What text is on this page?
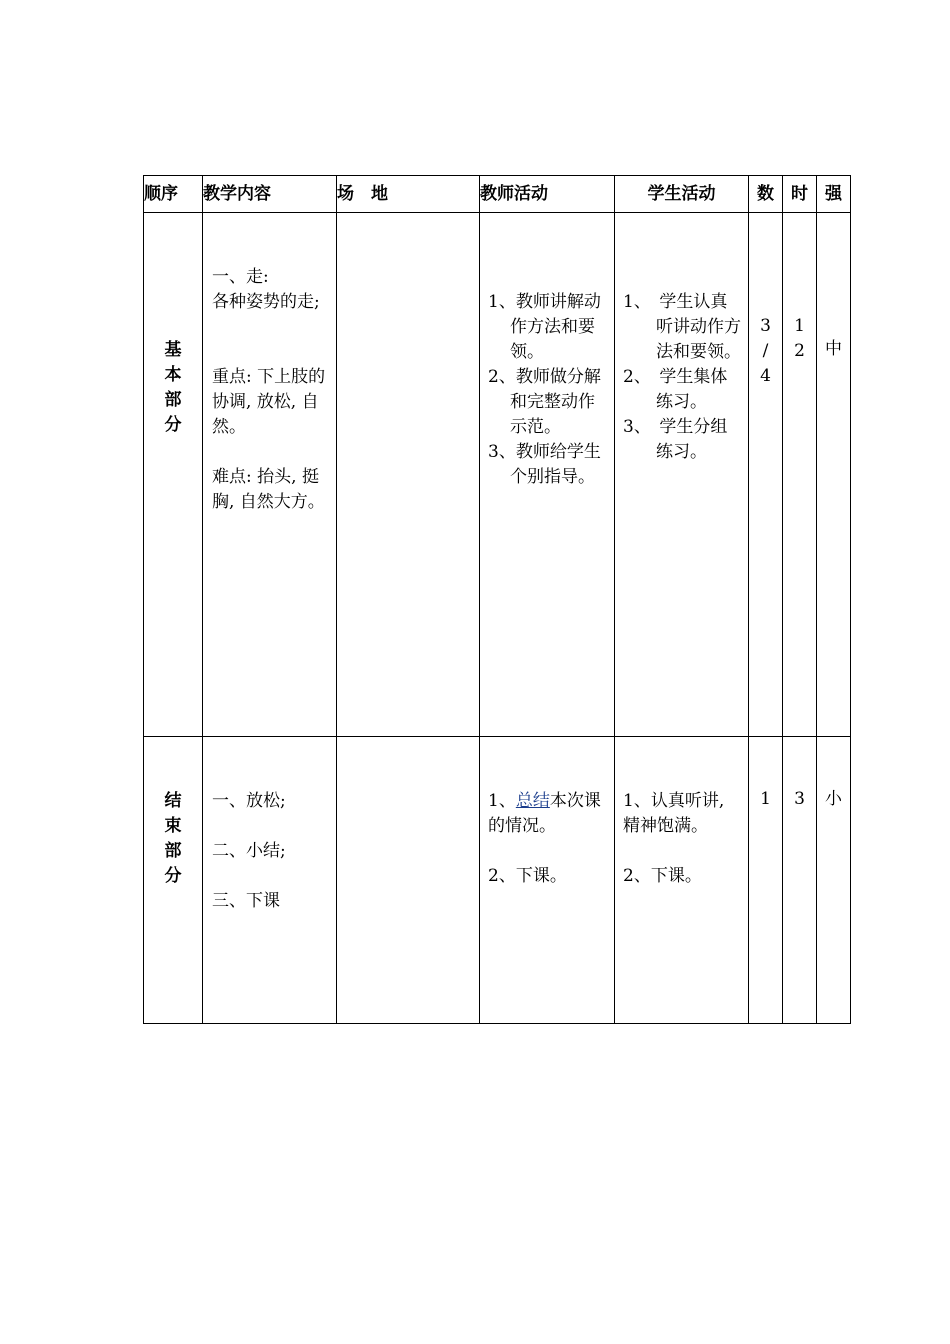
顺序	教学内容	场　地	教师活动	学生活动	数	时	强

基
本
部
分	一、走:
各种姿势的走;
重点: 下上肢的协调, 放松, 自然。
难点: 抬头, 挺胸, 自然大方。		1、教师讲解动作方法和要领。
2、教师做分解和完整动作示范。
3、教师给学生个别指导。	1、　学生认真听讲动作方法和要领。
2、　学生集体练习。
3、　学生分组练习。	3
/
4	1
2	中

结
束
部
分	一、放松;
二、小结;
三、下课		1、总结本次课的情况。
2、下课。	1、认真听讲, 精神饱满。
2、下课。	1	3	小
